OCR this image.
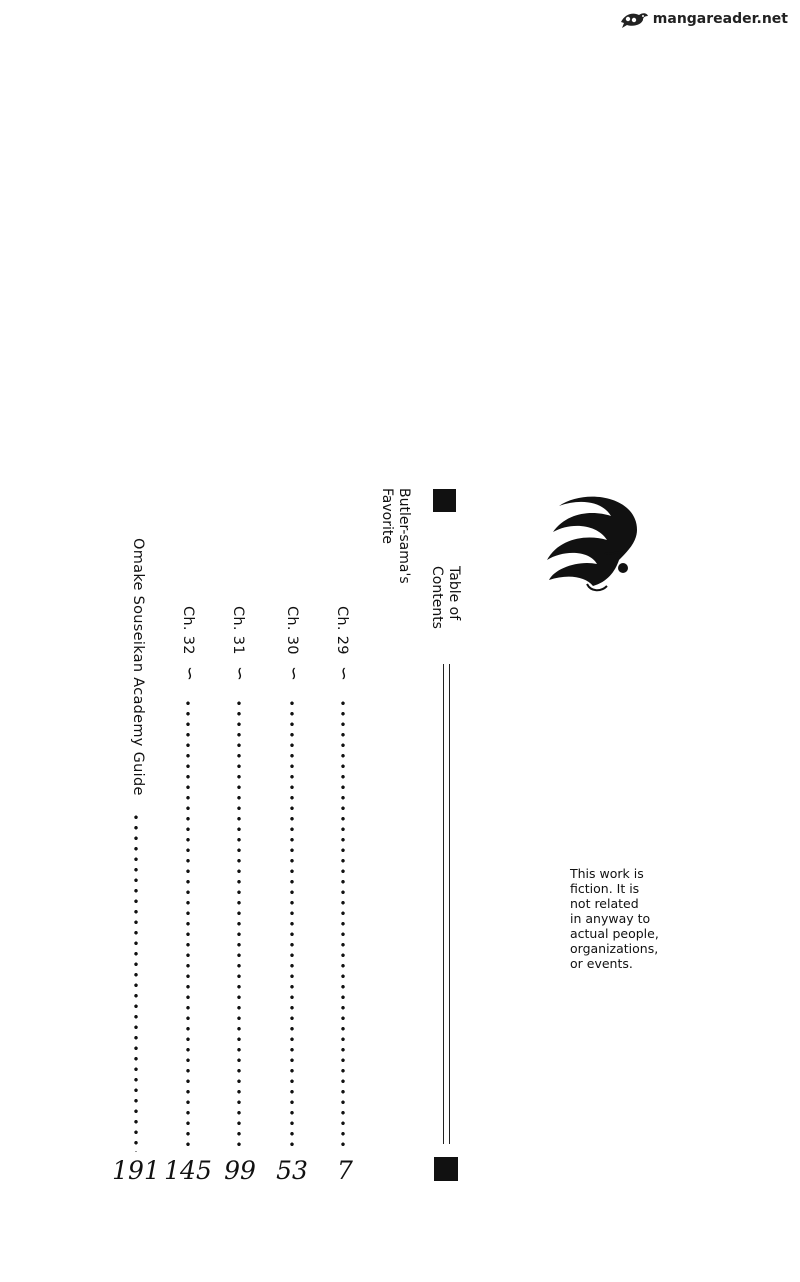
mangareader.net
Table of
Contents
Butler-sama's
Favorite
Ch. 29
∽
7
Ch. 30
∽
53
Ch. 31
∽
99
Ch. 32
∽
145
Omake Souseikan Academy Guide
191
This work is
fiction. It is
not related
in anyway to
actual people,
organizations,
or events.
